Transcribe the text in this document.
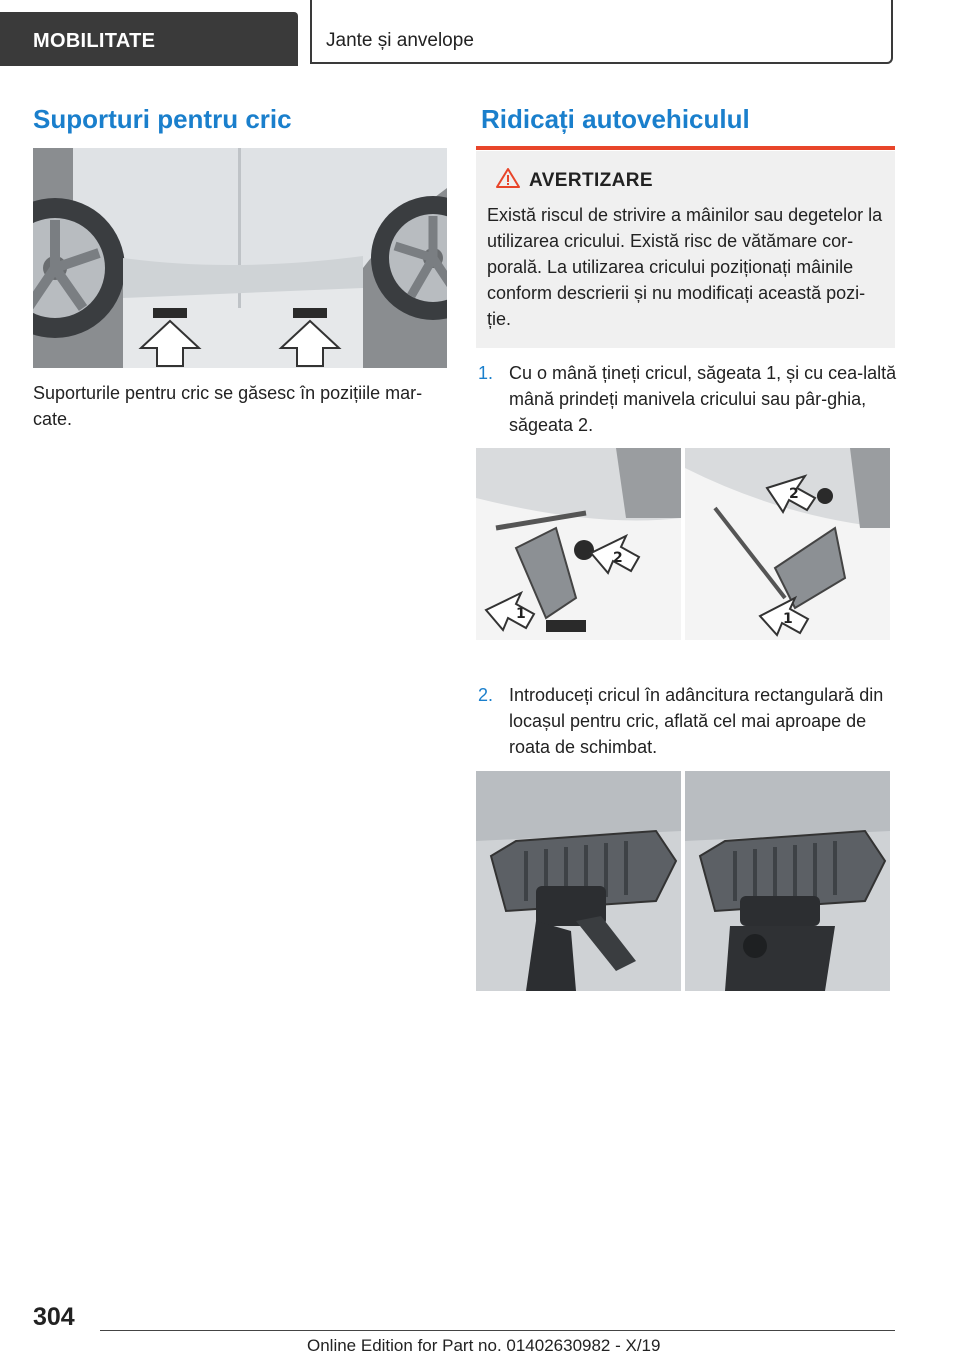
MOBILITATE	Jante și anvelope
Suporturi pentru cric

Suporturile pentru cric se găsesc în pozițiile mar-cate.

Ridicați autovehiculul
AVERTIZARE

Există riscul de strivire a mâinilor sau degetelor la utilizarea cricului. Există risc de vătămare cor-porală. La utilizarea cricului poziționați mâinile conform descrierii și nu modificați această pozi-ție.

1. Cu o mână țineți cricul, săgeata 1, și cu cea-laltă mână prindeți manivela cricului sau pâr-ghia, săgeata 2.
1
2
2
1
2. Introduceți cricul în adâncitura rectangulară din locașul pentru cric, aflată cel mai aproape de roata de schimbat.
304
Online Edition for Part no. 01402630982 - X/19
